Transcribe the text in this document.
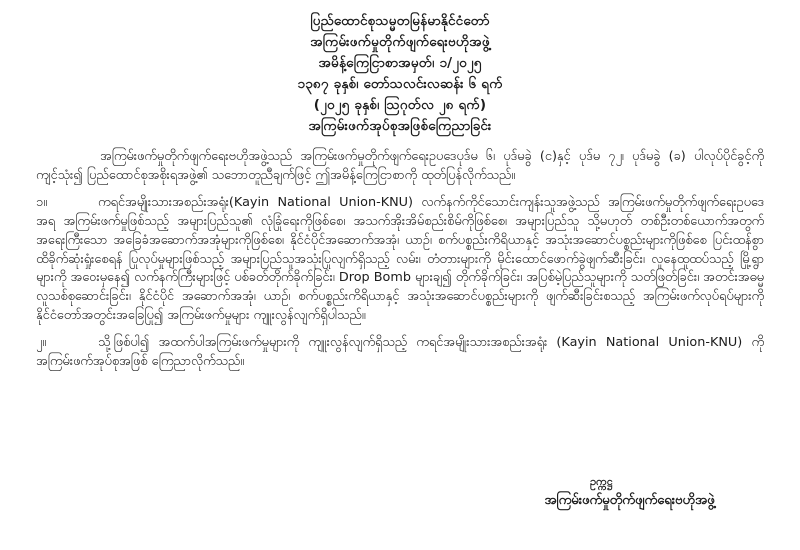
ပြည်ထောင်စုသမ္မတမြန်မာနိုင်ငံတော်
အကြမ်းဖက်မှုတိုက်ဖျက်ရေးဗဟိုအဖွဲ့
အမိန့်ကြေငြာစာအမှတ်၊ ၁/၂၀၂၅
၁၃၈၇ ခုနှစ်၊ တော်သလင်းလဆန်း ၆ ရက်
(၂၀၂၅ ခုနှစ်၊ ဩဂုတ်လ ၂၈ ရက်)
အကြမ်းဖက်အုပ်စုအဖြစ်ကြေညာခြင်း

အကြမ်းဖက်မှုတိုက်ဖျက်ရေးဗဟိုအဖွဲ့သည် အကြမ်းဖက်မှုတိုက်ဖျက်ရေးဥပဒေပုဒ်မ ၆၊ ပုဒ်မခွဲ (င)နှင့် ပုဒ်မ ၇၂၊ ပုဒ်မခွဲ (ခ) ပါလုပ်ပိုင်ခွင့်ကိုကျင့်သုံး၍ ပြည်ထောင်စုအစိုးရအဖွဲ့၏ သဘောတူညီချက်ဖြင့် ဤအမိန့်ကြေငြာစာကို ထုတ်ပြန်လိုက်သည်။

၁။	ကရင်အမျိုးသားအစည်းအရုံး(Kayin National Union-KNU) လက်နက်ကိုင်သောင်းကျန်းသူအဖွဲ့သည် အကြမ်းဖက်မှုတိုက်ဖျက်ရေးဥပဒေအရ အကြမ်းဖက်မှုဖြစ်သည့် အများပြည်သူ၏ လုံခြုံရေးကိုဖြစ်စေ၊ အသက်အိုးအိမ်စည်းစိမ်ကိုဖြစ်စေ၊ အများပြည်သူ သို့မဟုတ် တစ်ဦးတစ်ယောက်အတွက် အရေးကြီးသော အခြေခံအဆောက်အအုံများကိုဖြစ်စေ၊ နိုင်ငံပိုင်အဆောက်အအုံ၊ ယာဥ်၊ စက်ပစ္စည်းကိရိယာနှင့် အသုံးအဆောင်ပစ္စည်းများကိုဖြစ်စေ ပြင်းထန်စွာထိခိုက်ဆုံးရှုံးစေရန် ပြုလုပ်မှုများဖြစ်သည့် အများပြည်သူအသုံးပြုလျက်ရှိသည့် လမ်း၊ တံတားများကို မိုင်းထောင်ဖောက်ခွဲဖျက်ဆီးခြင်း၊ လူနေထူထပ်သည့် မြို့ရွာများကို အဝေးမှနေ၍ လက်နက်ကြီးများဖြင့် ပစ်ခတ်တိုက်ခိုက်ခြင်း၊ Drop Bomb များချ၍ တိုက်ခိုက်ခြင်း၊ အပြစ်မဲ့ပြည်သူများကို သတ်ဖြတ်ခြင်း၊ အတင်းအဓမ္မလူသစ်စုဆောင်းခြင်း၊ နိုင်ငံပိုင် အဆောက်အအုံ၊ ယာဥ်၊ စက်ပစ္စည်းကိရိယာနှင့် အသုံးအဆောင်ပစ္စည်းများကို ဖျက်ဆီးခြင်းစသည့် အကြမ်းဖက်လုပ်ရပ်များကို နိုင်ငံတော်အတွင်းအခြေပြု၍ အကြမ်းဖက်မှုများ ကျူးလွန်လျက်ရှိပါသည်။

၂။	သို့ဖြစ်ပါ၍ အထက်ပါအကြမ်းဖက်မှုများကို ကျူးလွန်လျက်ရှိသည့် ကရင်အမျိုးသားအစည်းအရုံး (Kayin National Union-KNU) ကို အကြမ်းဖက်အုပ်စုအဖြစ် ကြေညာလိုက်သည်။

ဥက္ကဋ္ဌ
အကြမ်းဖက်မှုတိုက်ဖျက်ရေးဗဟိုအဖွဲ့
